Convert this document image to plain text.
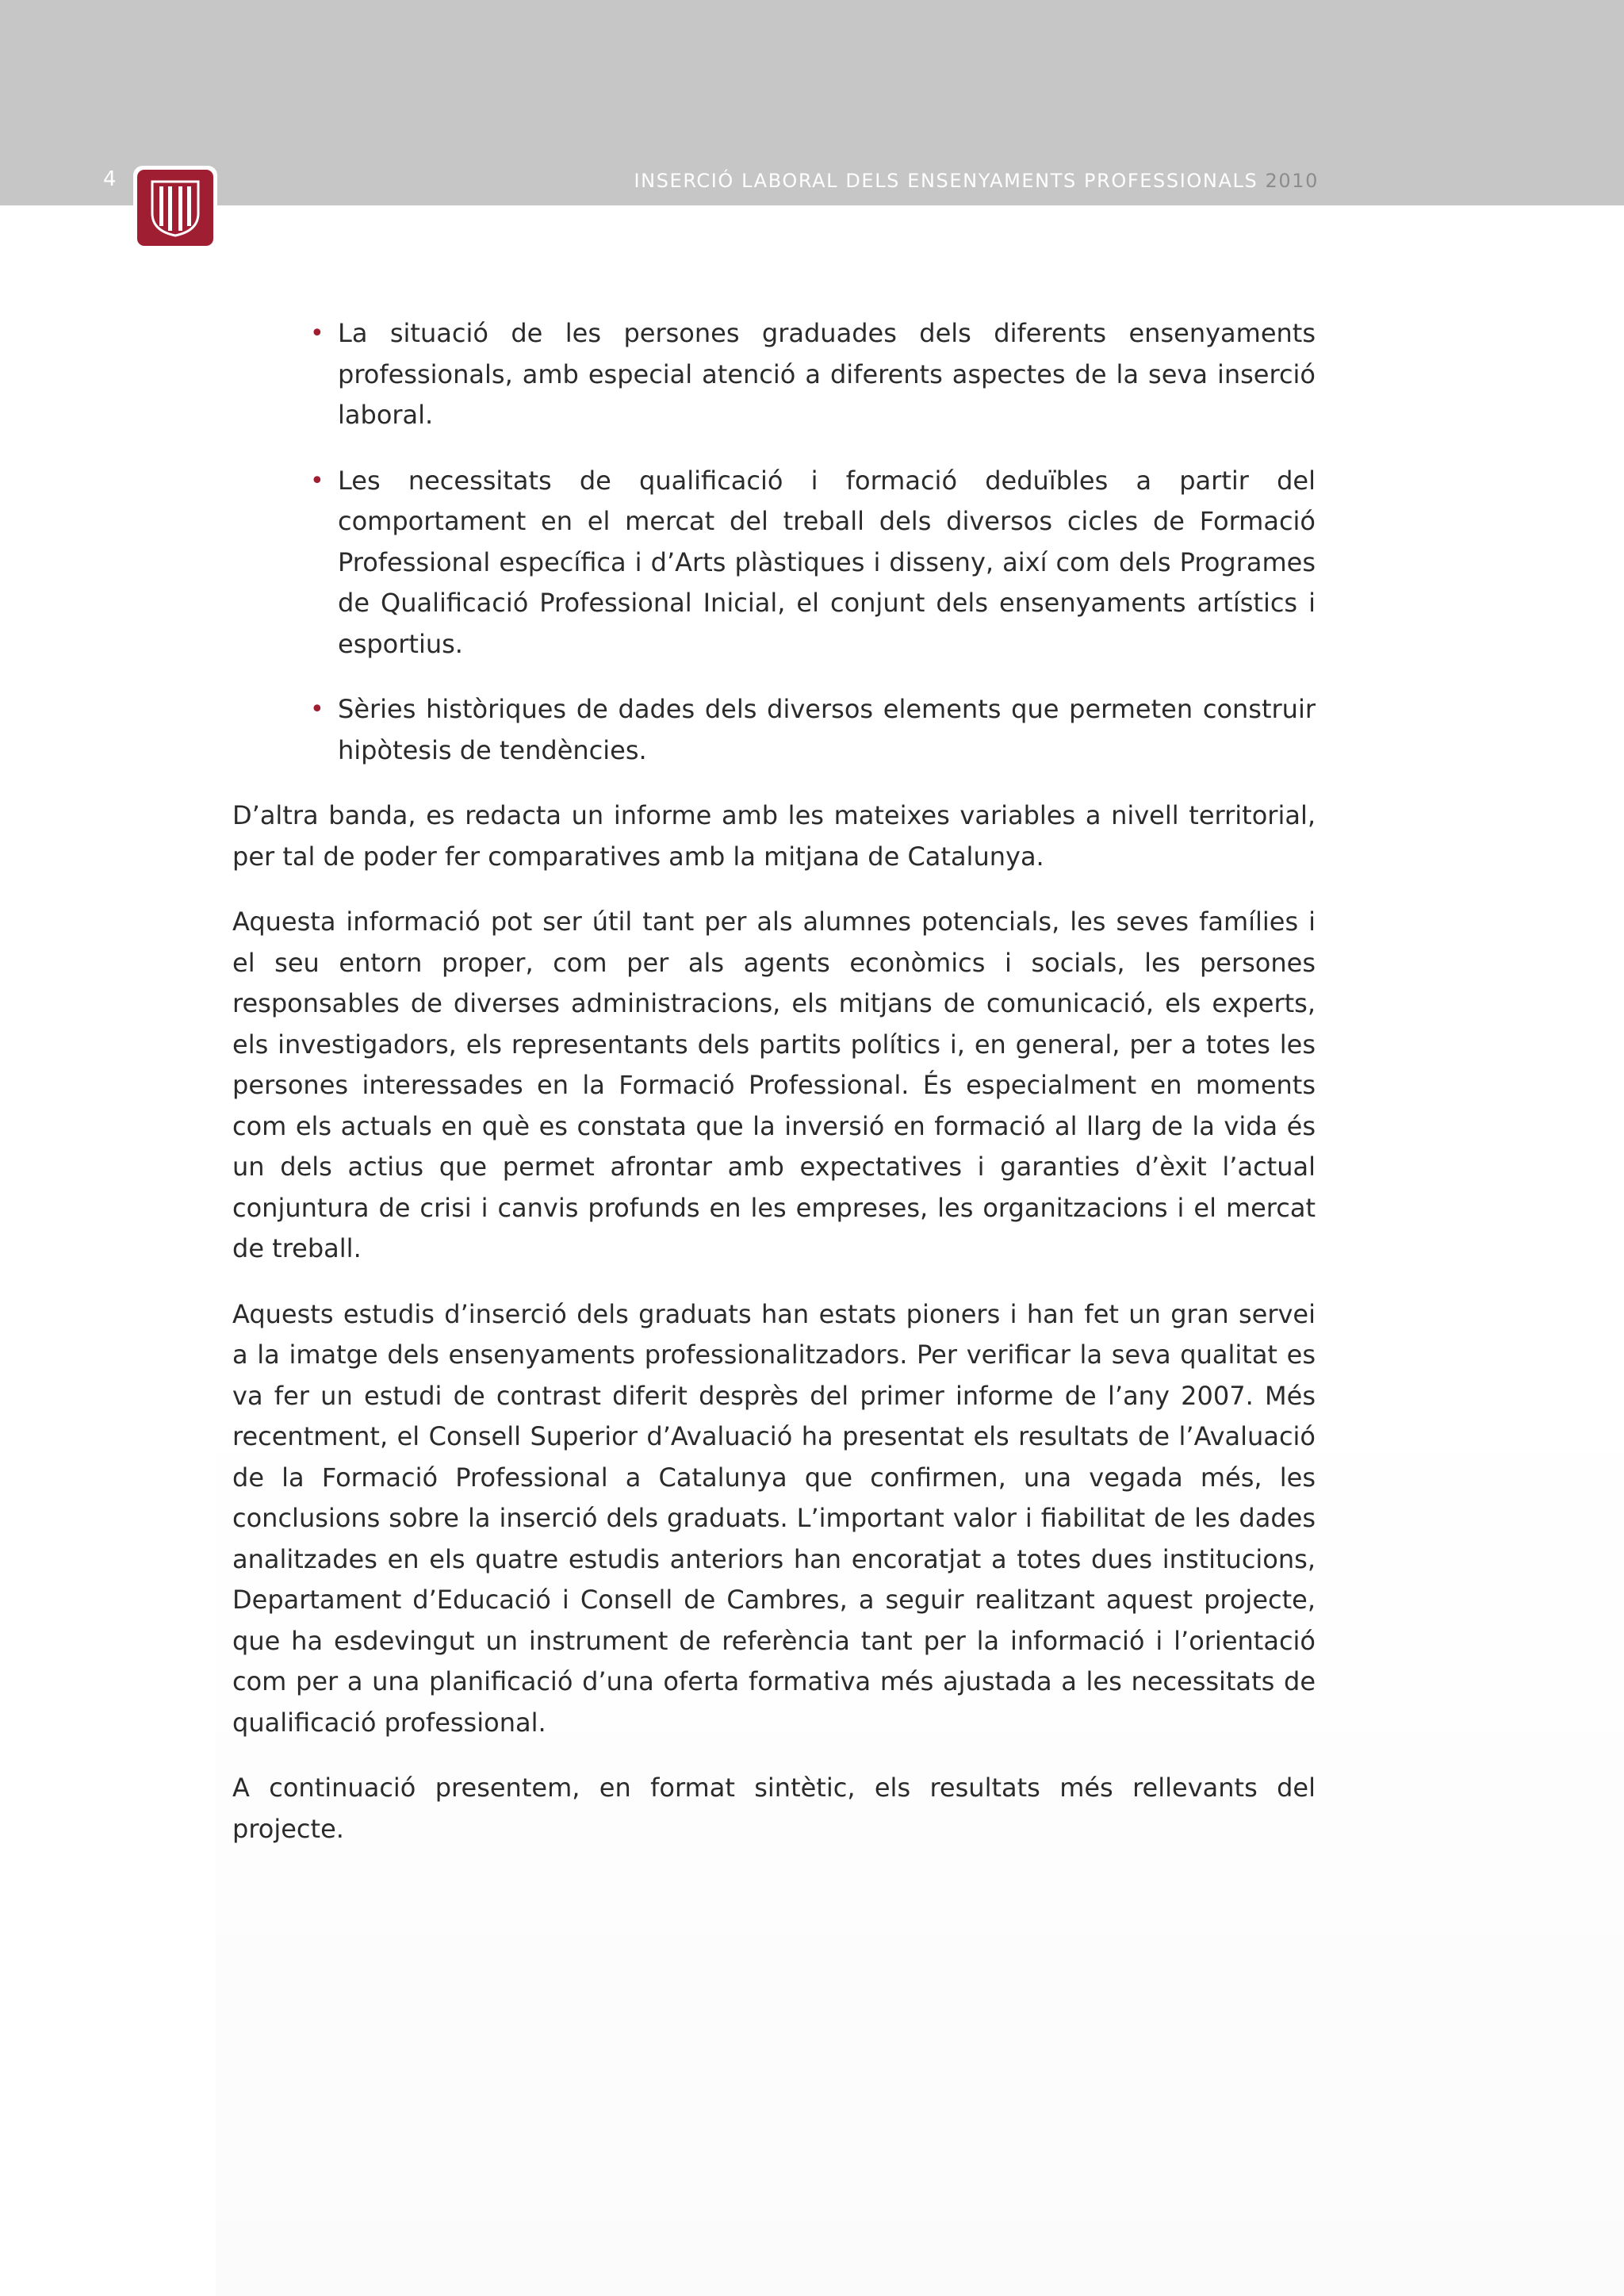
4	INSERCIÓ LABORAL DELS ENSENYAMENTS PROFESSIONALS 2010
• La situació de les persones graduades dels diferents ensenyaments professionals, amb especial atenció a diferents aspectes de la seva inserció laboral.
• Les necessitats de qualificació i formació deduïbles a partir del comportament en el mercat del treball dels diversos cicles de Formació Professional específica i d’Arts plàstiques i disseny, així com dels Programes de Qualificació Professional Inicial, el conjunt dels ensenyaments artístics i esportius.
• Sèries històriques de dades dels diversos elements que permeten construir hipòtesis de tendències.

D’altra banda, es redacta un informe amb les mateixes variables a nivell territorial, per tal de poder fer comparatives amb la mitjana de Catalunya.

Aquesta informació pot ser útil tant per als alumnes potencials, les seves famílies i el seu entorn proper, com per als agents econòmics i socials, les persones responsables de diverses administracions, els mitjans de comunicació, els experts, els investigadors, els representants dels partits polítics i, en general, per a totes les persones interessades en la Formació Professional. És especialment en moments com els actuals en què es constata que la inversió en formació al llarg de la vida és un dels actius que permet afrontar amb expectatives i garanties d’èxit l’actual conjuntura de crisi i canvis profunds en les empreses, les organitzacions i el mercat de treball.

Aquests estudis d’inserció dels graduats han estats pioners i han fet un gran servei a la imatge dels ensenyaments professionalitzadors. Per verificar la seva qualitat es va fer un estudi de contrast diferit desprès del primer informe de l’any 2007. Més recentment, el Consell Superior d’Avaluació ha presentat els resultats de l’Avaluació de la Formació Professional a Catalunya que confirmen, una vegada més, les conclusions sobre la inserció dels graduats. L’important valor i fiabilitat de les dades analitzades en els quatre estudis anteriors han encoratjat a totes dues institucions, Departament d’Educació i Consell de Cambres, a seguir realitzant aquest projecte, que ha esdevingut un instrument de referència tant per la informació i l’orientació com per a una planificació d’una oferta formativa més ajustada a les necessitats de qualificació professional.

A continuació presentem, en format sintètic, els resultats més rellevants del projecte.
